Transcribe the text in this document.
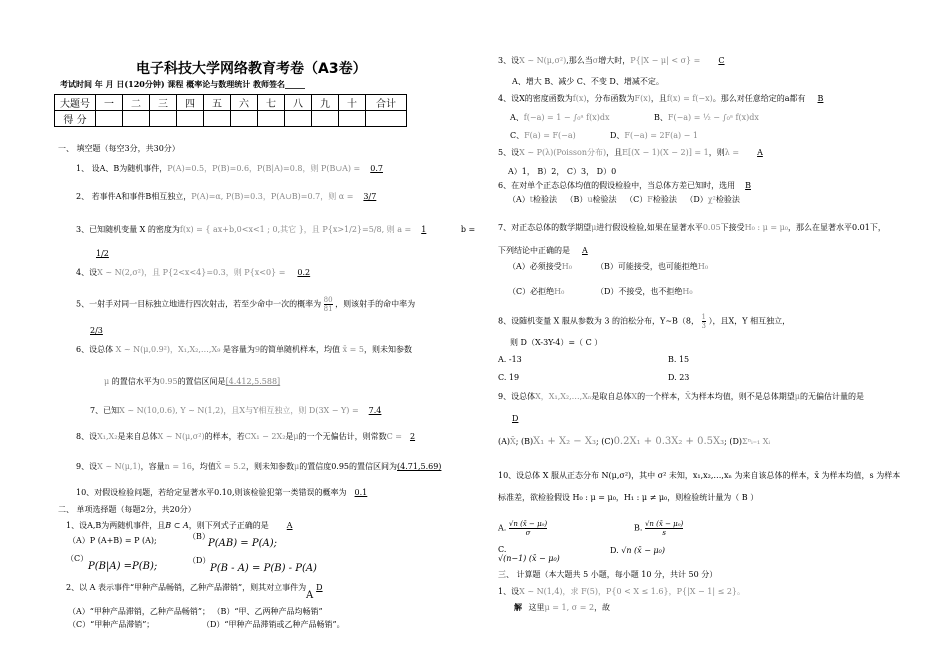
电子科技大学网络教育考卷（A3卷）
考试时间 年 月 日(120分钟) 课程 概率论与数理统计 教师签名_____
大题号	一	二	三	四	五	六	七	八	九	十	合计
得 分											
一、 填空题（每空3分，共30分）
1、 设A、B为随机事件，P(A)=0.5，P(B)=0.6，P(B|A)=0.8，则 P(B∪A) = 0.7
2、 若事件A和事件B相互独立，P(A)=α, P(B)=0.3，P(A∪B)=0.7，则 α = 3/7
3、已知随机变量 X 的密度为f(x) = { ax+b,0<x<1 ; 0,其它 }，且 P{x>1/2}=5/8, 则 a = 1	b =
1/2
4、设X ~ N(2,σ²)，且 P{2<x<4}=0.3，则 P{x<0} = 0.2
5、一射手对同一目标独立地进行四次射击，若至少命中一次的概率为 $\frac{80}{81}$ ，则该射手的命中率为
2/3
6、设总体 X ~ N(μ,0.9²)，X₁,X₂,…,X₉ 是容量为9的简单随机样本，均值 x̄ = 5，则未知参数
μ 的置信水平为0.95的置信区间是[4.412,5.588]
7、已知X ~ N(10,0.6), Y ~ N(1,2)，且X与Y相互独立，则 D(3X − Y) = 7.4
8、设X₁,X₂是来自总体X ~ N(μ,σ²)的样本，若CX₁ − 2X₂是μ的一个无偏估计，则常数C = 2
9、设X ~ N(μ,1)，容量n = 16，均值X̄ = 5.2，则未知参数μ的置信度0.95的置信区间为(4.71,5.69)
10、对假设检验问题，若给定显著水平0.10,则该检验犯第一类错误的概率为 0.1
二、 单项选择题（每题2分，共20分）
1、设A,B为两随机事件，且B ⊂ A，则下列式子正确的是 A
（A）P (A+B) = P (A);	（B）
P(AB) = P(A);
（C）
P(B|A) =P(B);
（D）
P(B - A) = P(B) - P(A)
2、以 A 表示事件“甲种产品畅销，乙种产品滞销”，则其对立事件为 D
A
（A）“甲种产品滞销，乙种产品畅销”； （B）“甲、乙两种产品均畅销”
（C）“甲种产品滞销”；	（D）“甲种产品滞销或乙种产品畅销”。
3、设X ~ N(μ,σ²),那么当σ增大时，P{|X − μ| < σ} = C
A、增大 B、减少 C、不变 D、增减不定。
4、设X的密度函数为f(x)，分布函数为F(x)，且f(x) = f(−x)。那么对任意给定的a都有 B
A、f(−a) = 1 − ∫₀ᵃ f(x)dx	B、F(−a) = ½ − ∫₀ᵃ f(x)dx
C、F(a) = F(−a)	D、F(−a) = 2F(a) − 1
5、设X ~ P(λ)(Poisson分布)，且E[(X − 1)(X − 2)] = 1，则λ = A
A）1， B）2， C）3， D）0
6、在对单个正态总体均值的假设检验中，当总体方差已知时，选用 B
（A）t检验法 （B）u检验法 （C）F检验法 （D）χ²检验法
7、对正态总体的数学期望μ进行假设检验,如果在显著水平0.05下接受H₀ : μ = μ₀，那么在显著水平0.01下，
下列结论中正确的是 A
（A）必须接受H₀	（B）可能接受，也可能拒绝H₀
（C）必拒绝H₀	（D）不接受，也不拒绝H₀
8、设随机变量 X 服从参数为 3 的泊松分布，Y~B（8， $\frac{1}{3}$ ），且X，Y 相互独立，
则 D（X-3Y-4）=（ C ）
A. -13	B. 15
C. 19	D. 23
9、设总体X，X₁,X₂,…,Xₙ是取自总体X的一个样本，X̄为样本均值，则不是总体期望μ的无偏估计量的是
D
(A)X̄; (B)X₁ + X₂ − X₃; (C)0.2X₁ + 0.3X₂ + 0.5X₃; (D)Σⁿᵢ₌₁ Xᵢ
10、设总体 X 服从正态分布 N(μ,σ²)，其中 σ² 未知，x₁,x₂,…,xₙ 为来自该总体的样本，x̄ 为样本均值，s 为样本
标准差，欲检验假设 H₀ : μ = μ₀，H₁ : μ ≠ μ₀，则检验统计量为（ B ）
A. $\frac{\text{√n (x̄ − μ₀)}}{\sigma}$	B. $\frac{\text{√n (x̄ − μ₀)}}{s}$
C.
√(n−1) (x̄ − μ₀)
D. √n (x̄ − μ₀)
三、 计算题（本大题共 5 小题，每小题 10 分，共计 50 分）
1、设X ~ N(1,4)，求 F(5)，P{0 < X ≤ 1.6}，P{|X − 1| ≤ 2}。
解 这里μ = 1, σ = 2，故
